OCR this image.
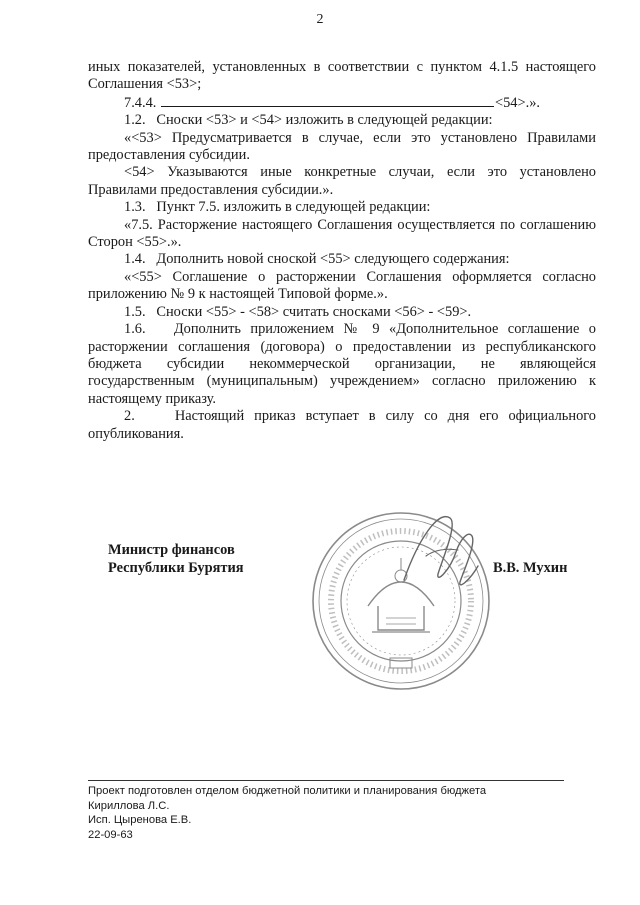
2

иных показателей, установленных в соответствии с пунктом 4.1.5 настоящего Соглашения <53>;

7.4.4.	<54>.».

1.2.   Сноски <53> и <54> изложить в следующей редакции:

«<53> Предусматривается в случае, если это установлено Правилами предоставления субсидии.

<54> Указываются иные конкретные случаи, если это установлено Правилами предоставления субсидии.».

1.3.   Пункт 7.5. изложить в следующей редакции:

«7.5. Расторжение настоящего Соглашения осуществляется по соглашению Сторон <55>.».

1.4.   Дополнить новой сноской <55> следующего содержания:

«<55> Соглашение о расторжении Соглашения оформляется согласно приложению № 9 к настоящей Типовой форме.».

1.5.   Сноски <55> - <58> считать сносками <56> - <59>.

1.6.   Дополнить приложением № 9 «Дополнительное соглашение о расторжении соглашения (договора) о предоставлении из республиканского бюджета субсидии некоммерческой организации, не являющейся государственным (муниципальным) учреждением» согласно приложению к настоящему приказу.

2.    Настоящий приказ вступает в силу со дня его официального опубликования.

Министр финансов
Республики Бурятия	В.В. Мухин
Проект подготовлен отделом бюджетной политики и планирования бюджета
Кириллова Л.С.
Исп. Цыренова Е.В.
22-09-63
